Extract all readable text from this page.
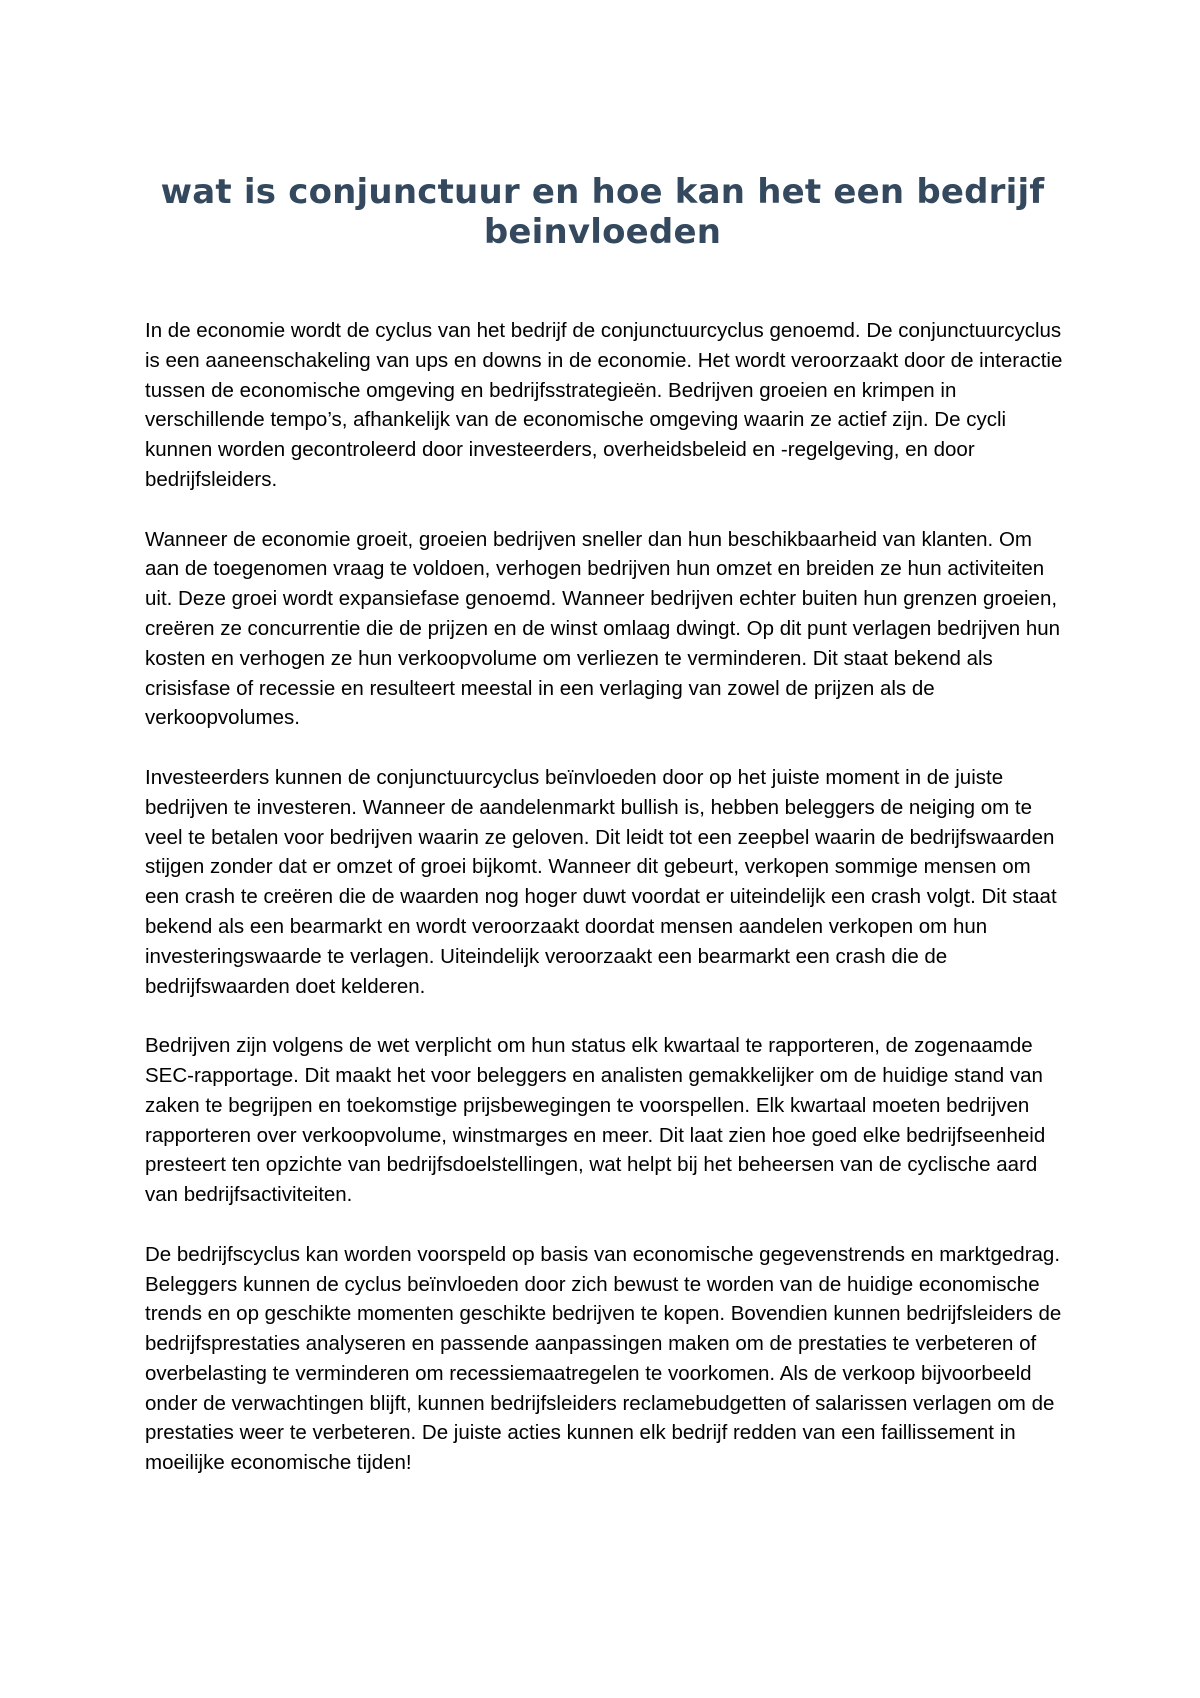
wat is conjunctuur en hoe kan het een bedrijf beinvloeden

In de economie wordt de cyclus van het bedrijf de conjunctuurcyclus genoemd. De conjunctuurcyclus is een aaneenschakeling van ups en downs in de economie. Het wordt veroorzaakt door de interactie tussen de economische omgeving en bedrijfsstrategieën. Bedrijven groeien en krimpen in verschillende tempo’s, afhankelijk van de economische omgeving waarin ze actief zijn. De cycli kunnen worden gecontroleerd door investeerders, overheidsbeleid en -regelgeving, en door bedrijfsleiders.

Wanneer de economie groeit, groeien bedrijven sneller dan hun beschikbaarheid van klanten. Om aan de toegenomen vraag te voldoen, verhogen bedrijven hun omzet en breiden ze hun activiteiten uit. Deze groei wordt expansiefase genoemd. Wanneer bedrijven echter buiten hun grenzen groeien, creëren ze concurrentie die de prijzen en de winst omlaag dwingt. Op dit punt verlagen bedrijven hun kosten en verhogen ze hun verkoopvolume om verliezen te verminderen. Dit staat bekend als crisisfase of recessie en resulteert meestal in een verlaging van zowel de prijzen als de verkoopvolumes.

Investeerders kunnen de conjunctuurcyclus beïnvloeden door op het juiste moment in de juiste bedrijven te investeren. Wanneer de aandelenmarkt bullish is, hebben beleggers de neiging om te veel te betalen voor bedrijven waarin ze geloven. Dit leidt tot een zeepbel waarin de bedrijfswaarden stijgen zonder dat er omzet of groei bijkomt. Wanneer dit gebeurt, verkopen sommige mensen om een crash te creëren die de waarden nog hoger duwt voordat er uiteindelijk een crash volgt. Dit staat bekend als een bearmarkt en wordt veroorzaakt doordat mensen aandelen verkopen om hun investeringswaarde te verlagen. Uiteindelijk veroorzaakt een bearmarkt een crash die de bedrijfswaarden doet kelderen.

Bedrijven zijn volgens de wet verplicht om hun status elk kwartaal te rapporteren, de zogenaamde SEC-rapportage. Dit maakt het voor beleggers en analisten gemakkelijker om de huidige stand van zaken te begrijpen en toekomstige prijsbewegingen te voorspellen. Elk kwartaal moeten bedrijven rapporteren over verkoopvolume, winstmarges en meer. Dit laat zien hoe goed elke bedrijfseenheid presteert ten opzichte van bedrijfsdoelstellingen, wat helpt bij het beheersen van de cyclische aard van bedrijfsactiviteiten.

De bedrijfscyclus kan worden voorspeld op basis van economische gegevenstrends en marktgedrag. Beleggers kunnen de cyclus beïnvloeden door zich bewust te worden van de huidige economische trends en op geschikte momenten geschikte bedrijven te kopen. Bovendien kunnen bedrijfsleiders de bedrijfsprestaties analyseren en passende aanpassingen maken om de prestaties te verbeteren of overbelasting te verminderen om recessiemaatregelen te voorkomen. Als de verkoop bijvoorbeeld onder de verwachtingen blijft, kunnen bedrijfsleiders reclamebudgetten of salarissen verlagen om de prestaties weer te verbeteren. De juiste acties kunnen elk bedrijf redden van een faillissement in moeilijke economische tijden!
